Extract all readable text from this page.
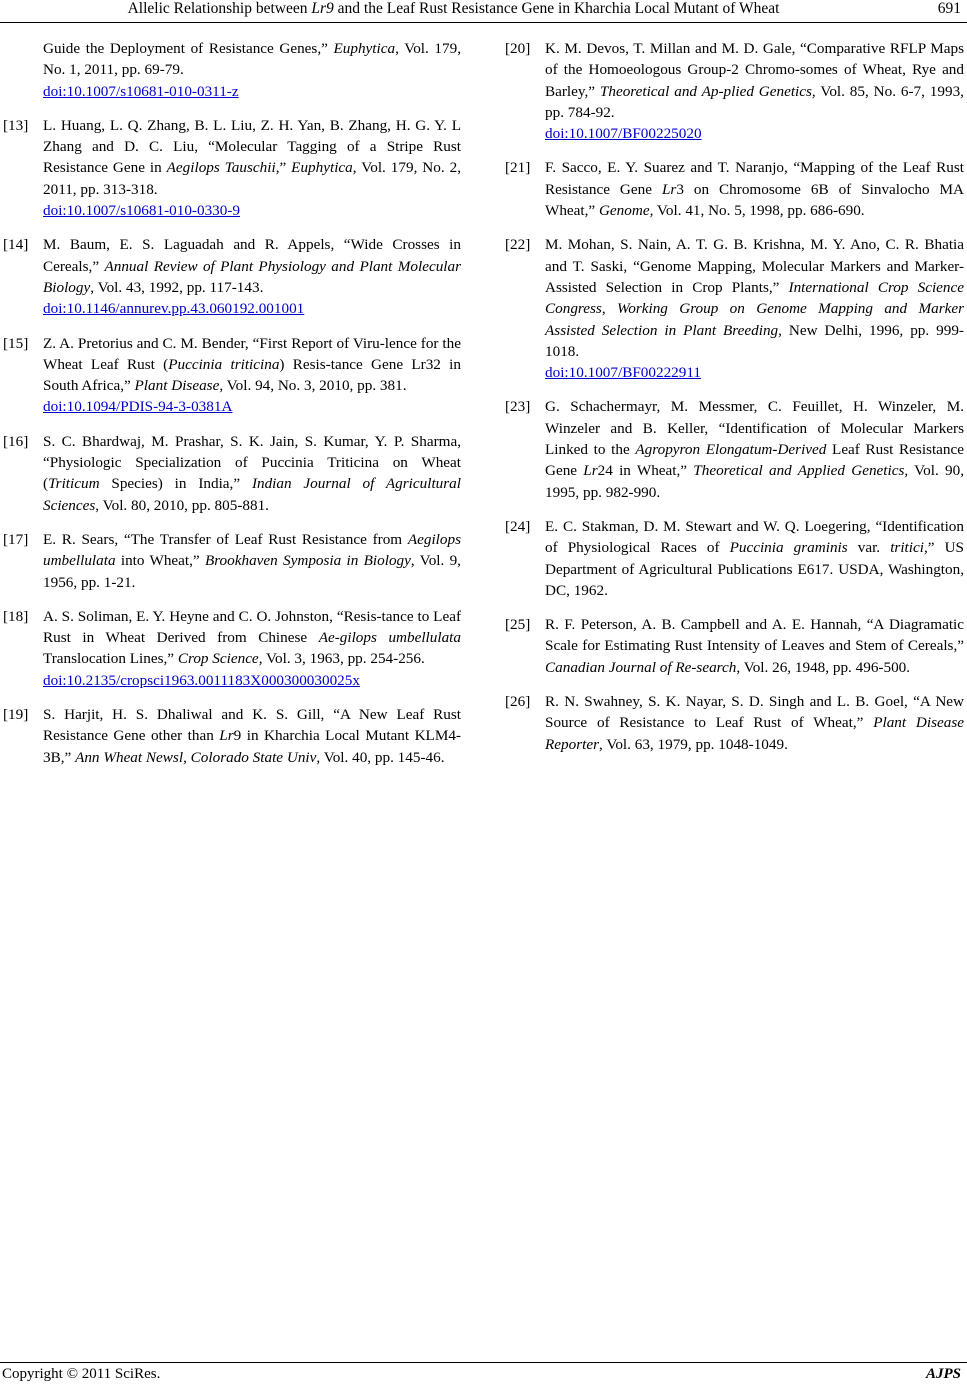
Allelic Relationship between Lr9 and the Leaf Rust Resistance Gene in Kharchia Local Mutant of Wheat	691
Guide the Deployment of Resistance Genes,” Euphytica, Vol. 179, No. 1, 2011, pp. 69-79.
doi:10.1007/s10681-010-0311-z
[13] L. Huang, L. Q. Zhang, B. L. Liu, Z. H. Yan, B. Zhang, H. G. Y. L Zhang and D. C. Liu, “Molecular Tagging of a Stripe Rust Resistance Gene in Aegilops Tauschii,” Euphytica, Vol. 179, No. 2, 2011, pp. 313-318.
doi:10.1007/s10681-010-0330-9
[14] M. Baum, E. S. Laguadah and R. Appels, “Wide Crosses in Cereals,” Annual Review of Plant Physiology and Plant Molecular Biology, Vol. 43, 1992, pp. 117-143.
doi:10.1146/annurev.pp.43.060192.001001
[15] Z. A. Pretorius and C. M. Bender, “First Report of Viru-lence for the Wheat Leaf Rust (Puccinia triticina) Resis-tance Gene Lr32 in South Africa,” Plant Disease, Vol. 94, No. 3, 2010, pp. 381.
doi:10.1094/PDIS-94-3-0381A
[16] S. C. Bhardwaj, M. Prashar, S. K. Jain, S. Kumar, Y. P. Sharma, “Physiologic Specialization of Puccinia Triticina on Wheat (Triticum Species) in India,” Indian Journal of Agricultural Sciences, Vol. 80, 2010, pp. 805-881.
[17] E. R. Sears, “The Transfer of Leaf Rust Resistance from Aegilops umbellulata into Wheat,” Brookhaven Symposia in Biology, Vol. 9, 1956, pp. 1-21.
[18] A. S. Soliman, E. Y. Heyne and C. O. Johnston, “Resis-tance to Leaf Rust in Wheat Derived from Chinese Ae-gilops umbellulata Translocation Lines,” Crop Science, Vol. 3, 1963, pp. 254-256.
doi:10.2135/cropsci1963.0011183X000300030025x
[19] S. Harjit, H. S. Dhaliwal and K. S. Gill, “A New Leaf Rust Resistance Gene other than Lr9 in Kharchia Local Mutant KLM4-3B,” Ann Wheat Newsl, Colorado State Univ, Vol. 40, pp. 145-46.
[20] K. M. Devos, T. Millan and M. D. Gale, “Comparative RFLP Maps of the Homoeologous Group-2 Chromo-somes of Wheat, Rye and Barley,” Theoretical and Ap-plied Genetics, Vol. 85, No. 6-7, 1993, pp. 784-92.
doi:10.1007/BF00225020
[21] F. Sacco, E. Y. Suarez and T. Naranjo, “Mapping of the Leaf Rust Resistance Gene Lr3 on Chromosome 6B of Sinvalocho MA Wheat,” Genome, Vol. 41, No. 5, 1998, pp. 686-690.
[22] M. Mohan, S. Nain, A. T. G. B. Krishna, M. Y. Ano, C. R. Bhatia and T. Saski, “Genome Mapping, Molecular Markers and Marker-Assisted Selection in Crop Plants,” International Crop Science Congress, Working Group on Genome Mapping and Marker Assisted Selection in Plant Breeding, New Delhi, 1996, pp. 999-1018.
doi:10.1007/BF00222911
[23] G. Schachermayr, M. Messmer, C. Feuillet, H. Winzeler, M. Winzeler and B. Keller, “Identification of Molecular Markers Linked to the Agropyron Elongatum-Derived Leaf Rust Resistance Gene Lr24 in Wheat,” Theoretical and Applied Genetics, Vol. 90, 1995, pp. 982-990.
[24] E. C. Stakman, D. M. Stewart and W. Q. Loegering, “Identification of Physiological Races of Puccinia graminis var. tritici,” US Department of Agricultural Publications E617. USDA, Washington, DC, 1962.
[25] R. F. Peterson, A. B. Campbell and A. E. Hannah, “A Diagramatic Scale for Estimating Rust Intensity of Leaves and Stem of Cereals,” Canadian Journal of Re-search, Vol. 26, 1948, pp. 496-500.
[26] R. N. Swahney, S. K. Nayar, S. D. Singh and L. B. Goel, “A New Source of Resistance to Leaf Rust of Wheat,” Plant Disease Reporter, Vol. 63, 1979, pp. 1048-1049.
Copyright © 2011 SciRes.	AJPS
